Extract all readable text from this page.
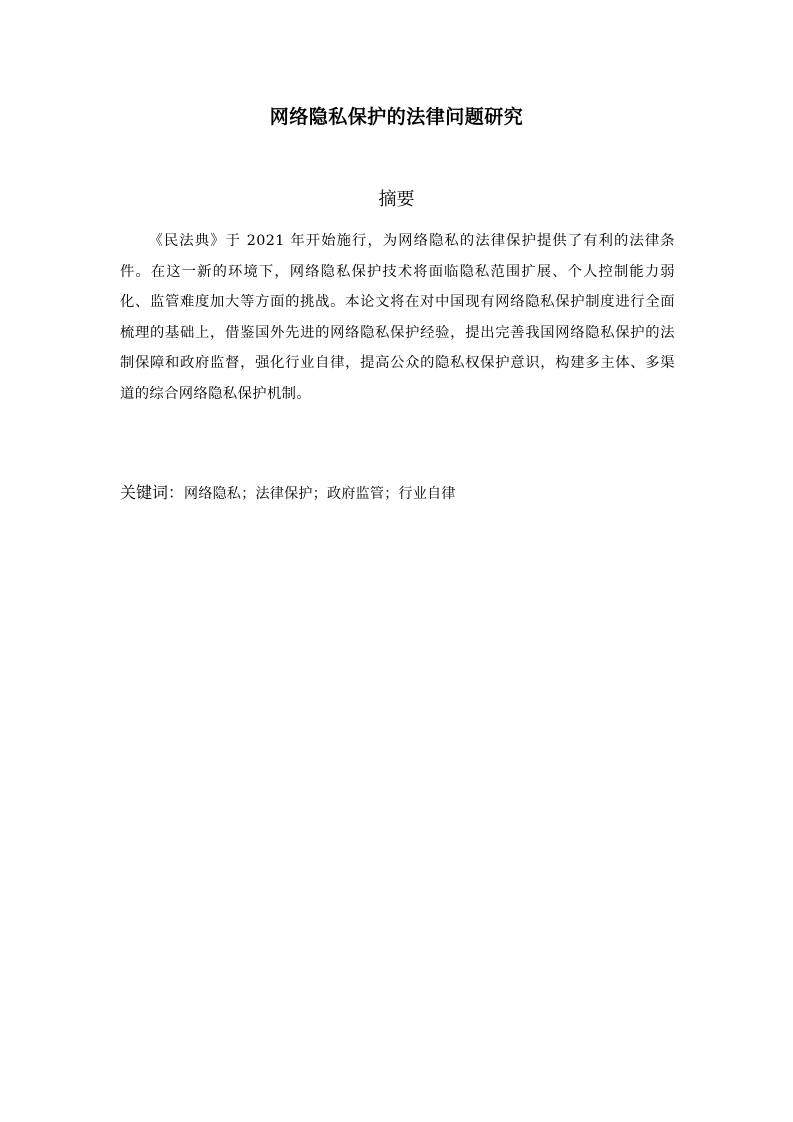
网络隐私保护的法律问题研究
摘要
《民法典》于 2021 年开始施行，为网络隐私的法律保护提供了有利的法律条件。在这一新的环境下，网络隐私保护技术将面临隐私范围扩展、个人控制能力弱化、监管难度加大等方面的挑战。本论文将在对中国现有网络隐私保护制度进行全面梳理的基础上，借鉴国外先进的网络隐私保护经验，提出完善我国网络隐私保护的法制保障和政府监督，强化行业自律，提高公众的隐私权保护意识，构建多主体、多渠道的综合网络隐私保护机制。
关键词：网络隐私；法律保护；政府监管；行业自律
